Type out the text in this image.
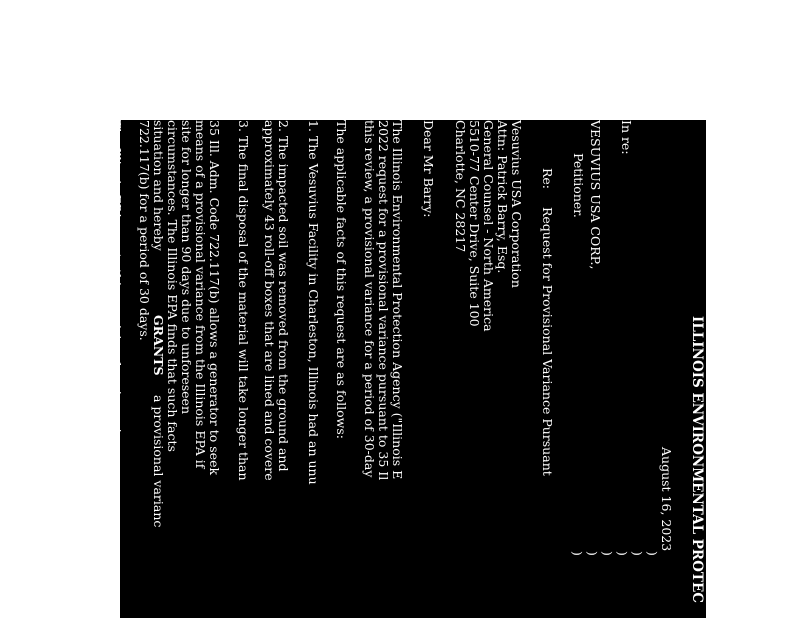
ILLINOIS ENVIRONMENTAL PROTEC
August 16, 2023
In re:
VESUVIUS USA CORP.,
Petitioner.
)
)
)
)
)
)
Re:
Request for Provisional Variance Pursuant
Vesuvius USA Corporation
Attn: Patrick Barry, Esq.
General Counsel - North America
5510-77 Center Drive, Suite 100
Charlotte, NC 28217
Dear Mr Barry:
The Illinois Environmental Protection Agency ("Illinois E
2022 request for a provisional variance pursuant to 35 Il
this review, a provisional variance for a period of 30-day
The applicable facts of this request are as follows:
1. The Vesuvius Facility in Charleston, Illinois had an unu
2. The impacted soil was removed from the ground and
approximately 43 roll-off boxes that are lined and covere
3. The final disposal of the material will take longer than
35 Ill. Adm. Code 722.117(b) allows a generator to seek
means of a provisional variance from the Illinois EPA if
site for longer than 90 days due to unforeseen
circumstances. The Illinois EPA finds that such facts
situation and hereby
GRANTS
a provisional varianc
722.117(b) for a period of 30 days.
The Illinois EPA grants this provisional variance in accor
in Sections 35(b), 36 (c), and 37(b) of the Illinois Envir
5/35(b), 36(c), and 37(b)) and 35 Ill. Adm. Code 722.1
